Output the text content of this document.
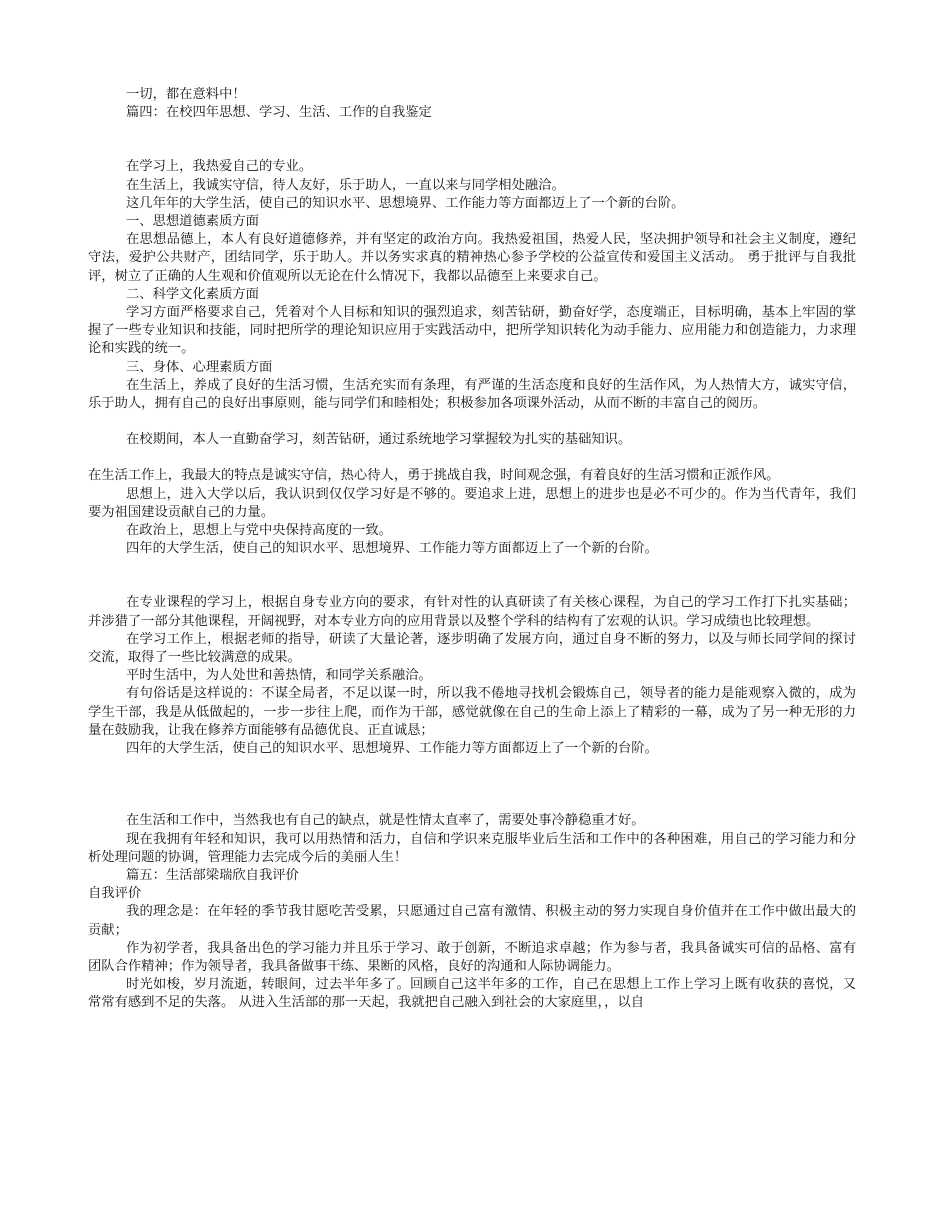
一切，都在意料中！

篇四：在校四年思想、学习、生活、工作的自我鉴定

在学习上，我热爱自己的专业。

在生活上，我诚实守信，待人友好，乐于助人，一直以来与同学相处融洽。

这几年年的大学生活，使自己的知识水平、思想境界、工作能力等方面都迈上了一个新的台阶。

一、思想道德素质方面

在思想品德上，本人有良好道德修养，并有坚定的政治方向。我热爱祖国，热爱人民，坚决拥护领导和社会主义制度，遵纪守法，爱护公共财产，团结同学，乐于助人。并以务实求真的精神热心参予学校的公益宣传和爱国主义活动。 勇于批评与自我批评，树立了正确的人生观和价值观所以无论在什么情况下，我都以品德至上来要求自己。

二、科学文化素质方面

学习方面严格要求自己，凭着对个人目标和知识的强烈追求，刻苦钻研，勤奋好学，态度端正，目标明确，基本上牢固的掌握了一些专业知识和技能，同时把所学的理论知识应用于实践活动中，把所学知识转化为动手能力、应用能力和创造能力，力求理论和实践的统一。

三、身体、心理素质方面

在生活上，养成了良好的生活习惯，生活充实而有条理，有严谨的生活态度和良好的生活作风，为人热情大方，诚实守信，乐于助人，拥有自己的良好出事原则，能与同学们和睦相处；积极参加各项课外活动，从而不断的丰富自己的阅历。

在校期间，本人一直勤奋学习，刻苦钻研，通过系统地学习掌握较为扎实的基础知识。

在生活工作上，我最大的特点是诚实守信，热心待人，勇于挑战自我，时间观念强，有着良好的生活习惯和正派作风。

思想上，进入大学以后，我认识到仅仅学习好是不够的。要追求上进，思想上的进步也是必不可少的。作为当代青年，我们要为祖国建设贡献自己的力量。

在政治上，思想上与党中央保持高度的一致。

四年的大学生活，使自己的知识水平、思想境界、工作能力等方面都迈上了一个新的台阶。

在专业课程的学习上，根据自身专业方向的要求，有针对性的认真研读了有关核心课程，为自己的学习工作打下扎实基础；并涉猎了一部分其他课程，开阔视野，对本专业方向的应用背景以及整个学科的结构有了宏观的认识。学习成绩也比较理想。

在学习工作上，根据老师的指导，研读了大量论著，逐步明确了发展方向，通过自身不断的努力，以及与师长同学间的探讨交流，取得了一些比较满意的成果。

平时生活中，为人处世和善热情，和同学关系融洽。

有句俗话是这样说的：不谋全局者，不足以谋一时，所以我不倦地寻找机会锻炼自己，领导者的能力是能观察入微的，成为学生干部，我是从低做起的，一步一步往上爬，而作为干部，感觉就像在自己的生命上添上了精彩的一幕，成为了另一种无形的力量在鼓励我，让我在修养方面能够有品德优良、正直诚恳；

四年的大学生活，使自己的知识水平、思想境界、工作能力等方面都迈上了一个新的台阶。

在生活和工作中，当然我也有自己的缺点，就是性情太直率了，需要处事冷静稳重才好。

现在我拥有年轻和知识，我可以用热情和活力，自信和学识来克服毕业后生活和工作中的各种困难，用自己的学习能力和分析处理问题的协调，管理能力去完成今后的美丽人生！

篇五：生活部梁瑞欣自我评价

自我评价

我的理念是：在年轻的季节我甘愿吃苦受累，只愿通过自己富有激情、积极主动的努力实现自身价值并在工作中做出最大的贡献；

作为初学者，我具备出色的学习能力并且乐于学习、敢于创新，不断追求卓越；作为参与者，我具备诚实可信的品格、富有团队合作精神；作为领导者，我具备做事干练、果断的风格，良好的沟通和人际协调能力。

时光如梭，岁月流逝，转眼间，过去半年多了。回顾自己这半年多的工作，自己在思想上工作上学习上既有收获的喜悦，又常常有感到不足的失落。 从进入生活部的那一天起，我就把自己融入到社会的大家庭里，，以自
